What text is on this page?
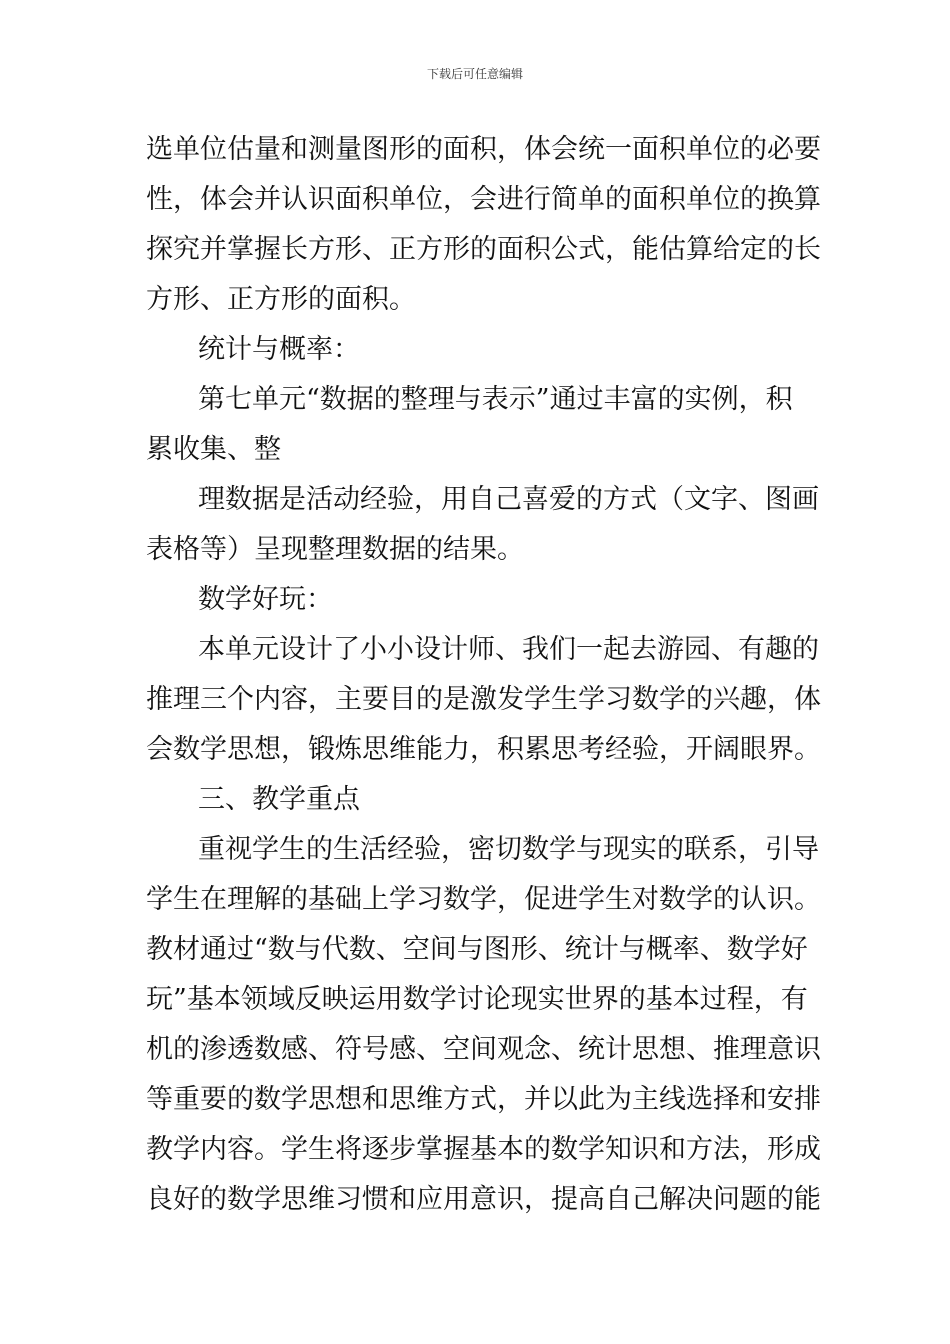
下载后可任意编辑
选单位估量和测量图形的面积，体会统一面积单位的必要
性，体会并认识面积单位，会进行简单的面积单位的换算
探究并掌握长方形、正方形的面积公式，能估算给定的长
方形、正方形的面积。
统计与概率：
第七单元“数据的整理与表示”通过丰富的实例，积
累收集、整
理数据是活动经验，用自己喜爱的方式（文字、图画
表格等）呈现整理数据的结果。
数学好玩：
本单元设计了小小设计师、我们一起去游园、有趣的
推理三个内容，主要目的是激发学生学习数学的兴趣，体
会数学思想，锻炼思维能力，积累思考经验，开阔眼界。
三、教学重点
重视学生的生活经验，密切数学与现实的联系，引导
学生在理解的基础上学习数学，促进学生对数学的认识。
教材通过“数与代数、空间与图形、统计与概率、数学好
玩”基本领域反映运用数学讨论现实世界的基本过程，有
机的渗透数感、符号感、空间观念、统计思想、推理意识
等重要的数学思想和思维方式，并以此为主线选择和安排
教学内容。学生将逐步掌握基本的数学知识和方法，形成
良好的数学思维习惯和应用意识，提高自己解决问题的能
